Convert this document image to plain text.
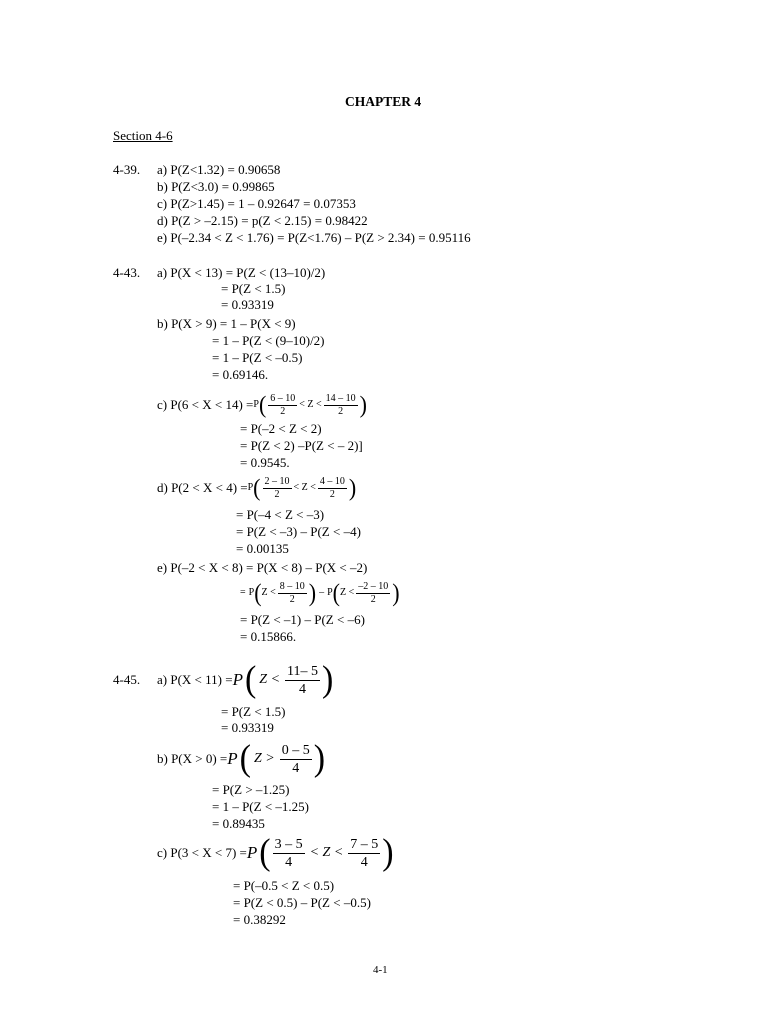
CHAPTER 4
Section 4-6
4-39. a) P(Z<1.32) = 0.90658
b) P(Z<3.0) = 0.99865
c) P(Z>1.45) = 1 – 0.92647 = 0.07353
d) P(Z > –2.15) = p(Z < 2.15) = 0.98422
e) P(–2.34 < Z < 1.76) = P(Z<1.76) – P(Z > 2.34) = 0.95116
4-43. a) P(X < 13) = P(Z < (13–10)/2)
= P(Z < 1.5)
= 0.93319
b) P(X > 9) = 1 – P(X < 9)
= 1 – P(Z < (9–10)/2)
= 1 – P(Z < –0.5)
= 0.69146.
c) P(6 < X < 14) = P ( $\frac{6 - 10}{2} < Z < \frac{14 - 10}{2}$ )
= P(–2 < Z < 2)
= P(Z < 2) –P(Z < – 2)]
= 0.9545.
d) P(2 < X < 4) = P ( $\frac{2 - 10}{2} < Z < \frac{4 - 10}{2}$ )
= P(–4 < Z < –3)
= P(Z < –3) – P(Z < –4)
= 0.00135
e) P(–2 < X < 8) = P(X < 8) – P(X < –2)
= P ( $Z < \frac{8 - 10}{2}$ ) – P ( $Z < \frac{-2 - 10}{2}$ )
= P(Z < –1) – P(Z < –6)
= 0.15866.
4-45. a) P(X < 11) = P ( $Z < \frac{11- 5}{4}$ )
= P(Z < 1.5)
= 0.93319
b) P(X > 0) = P ( $Z > \frac{0 - 5}{4}$ )
= P(Z > –1.25)
= 1 – P(Z < –1.25)
= 0.89435
c) P(3 < X < 7) = P ( $\frac{3 - 5}{4} < Z < \frac{7 - 5}{4}$ )
= P(–0.5 < Z < 0.5)
= P(Z < 0.5) – P(Z < –0.5)
= 0.38292
4-1
